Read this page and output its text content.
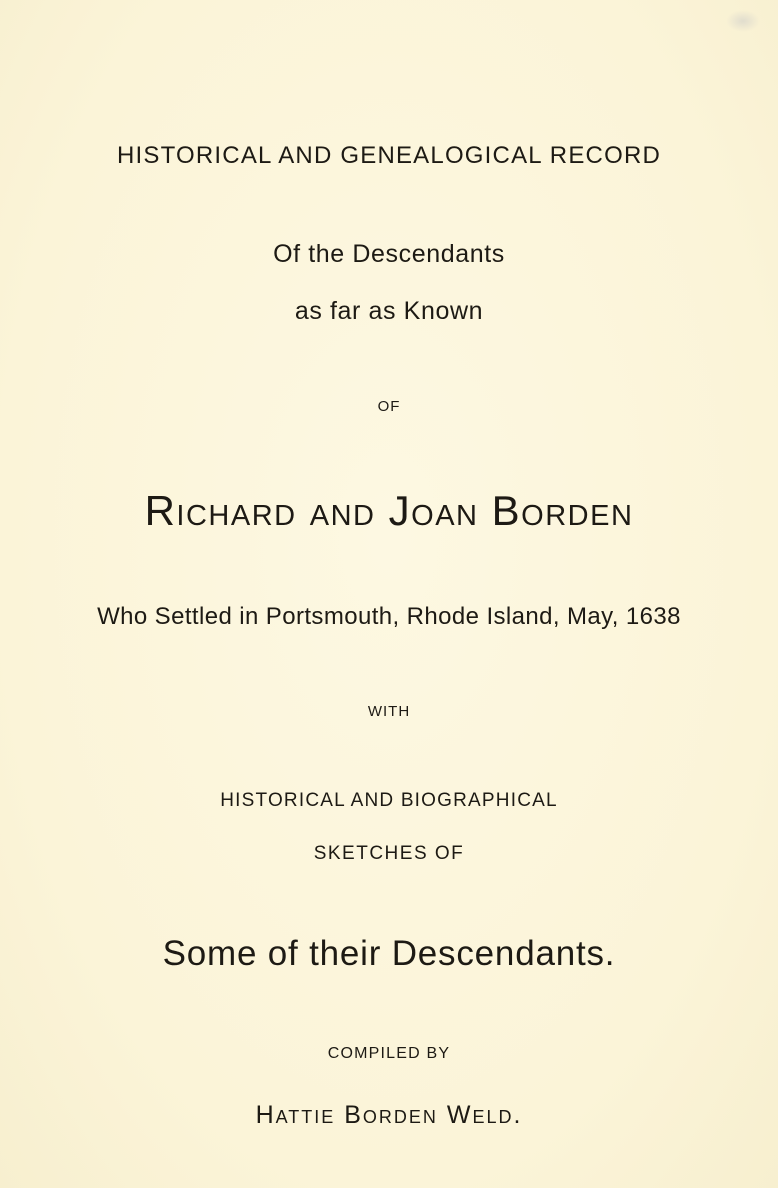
HISTORICAL AND GENEALOGICAL RECORD
Of the Descendants
as far as Known
OF
Richard and Joan Borden
Who Settled in Portsmouth, Rhode Island, May, 1638
WITH
HISTORICAL AND BIOGRAPHICAL
SKETCHES OF
Some of their Descendants.
COMPILED BY
Hattie Borden Weld.
